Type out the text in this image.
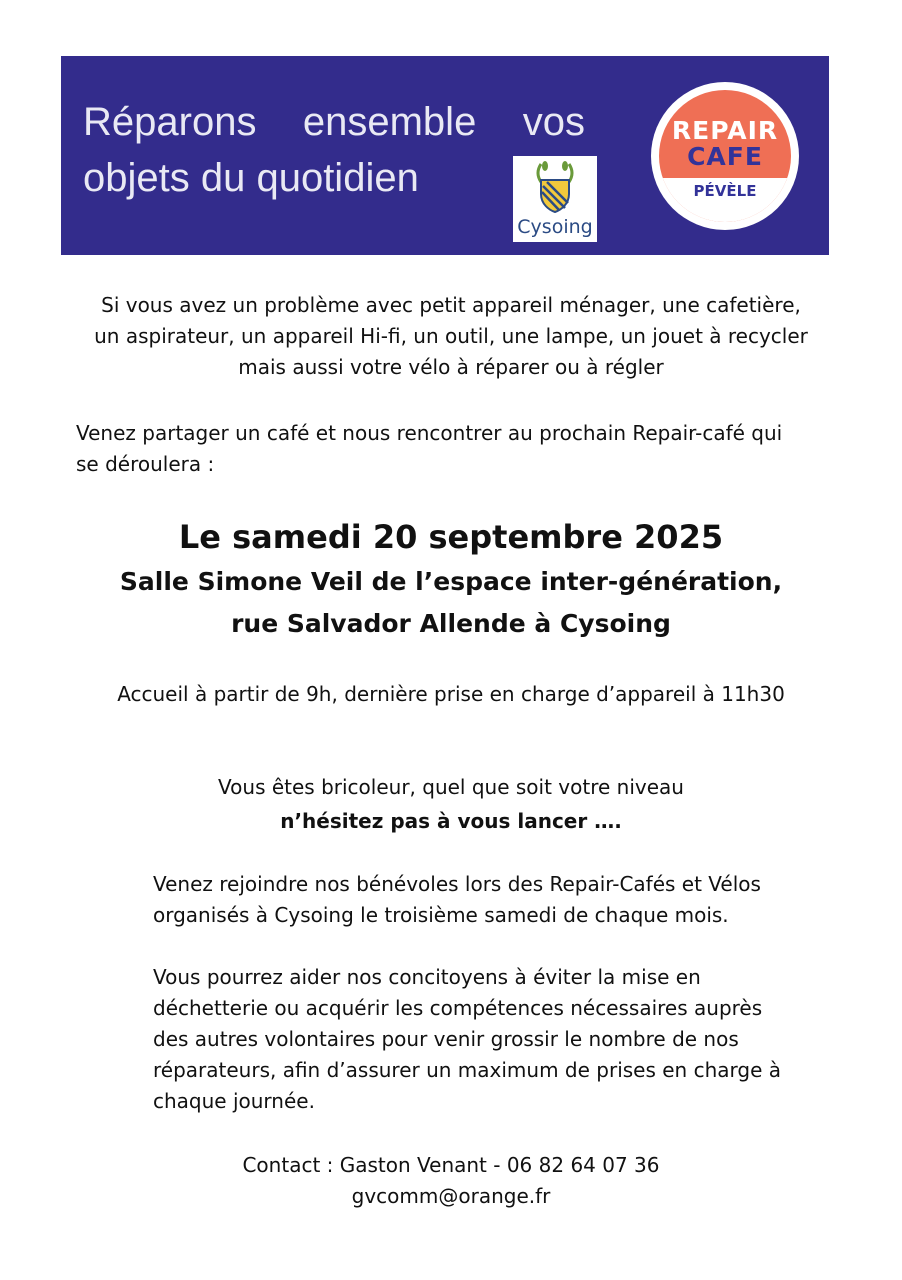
Réparons ensemble vos
objets du quotidien
Cysoing
REPAIR
CAFE
PÉVÈLE
Si vous avez un problème avec petit appareil ménager, une cafetière,
un aspirateur, un appareil Hi-fi, un outil, une lampe, un jouet à recycler
mais aussi votre vélo à réparer ou à régler
Venez partager un café et nous rencontrer au prochain Repair-café qui
se déroulera :
Le samedi 20 septembre 2025
Salle Simone Veil de l’espace inter-génération,
rue Salvador Allende à Cysoing
Accueil à partir de 9h, dernière prise en charge d’appareil à 11h30
Vous êtes bricoleur, quel que soit votre niveau
n’hésitez pas à vous lancer ….
Venez rejoindre nos bénévoles lors des Repair-Cafés et Vélos
organisés à Cysoing le troisième samedi de chaque mois.
Vous pourrez aider nos concitoyens à éviter la mise en
déchetterie ou acquérir les compétences nécessaires auprès
des autres volontaires pour venir grossir le nombre de nos
réparateurs, afin d’assurer un maximum de prises en charge à
chaque journée.
Contact : Gaston Venant - 06 82 64 07 36
gvcomm@orange.fr
